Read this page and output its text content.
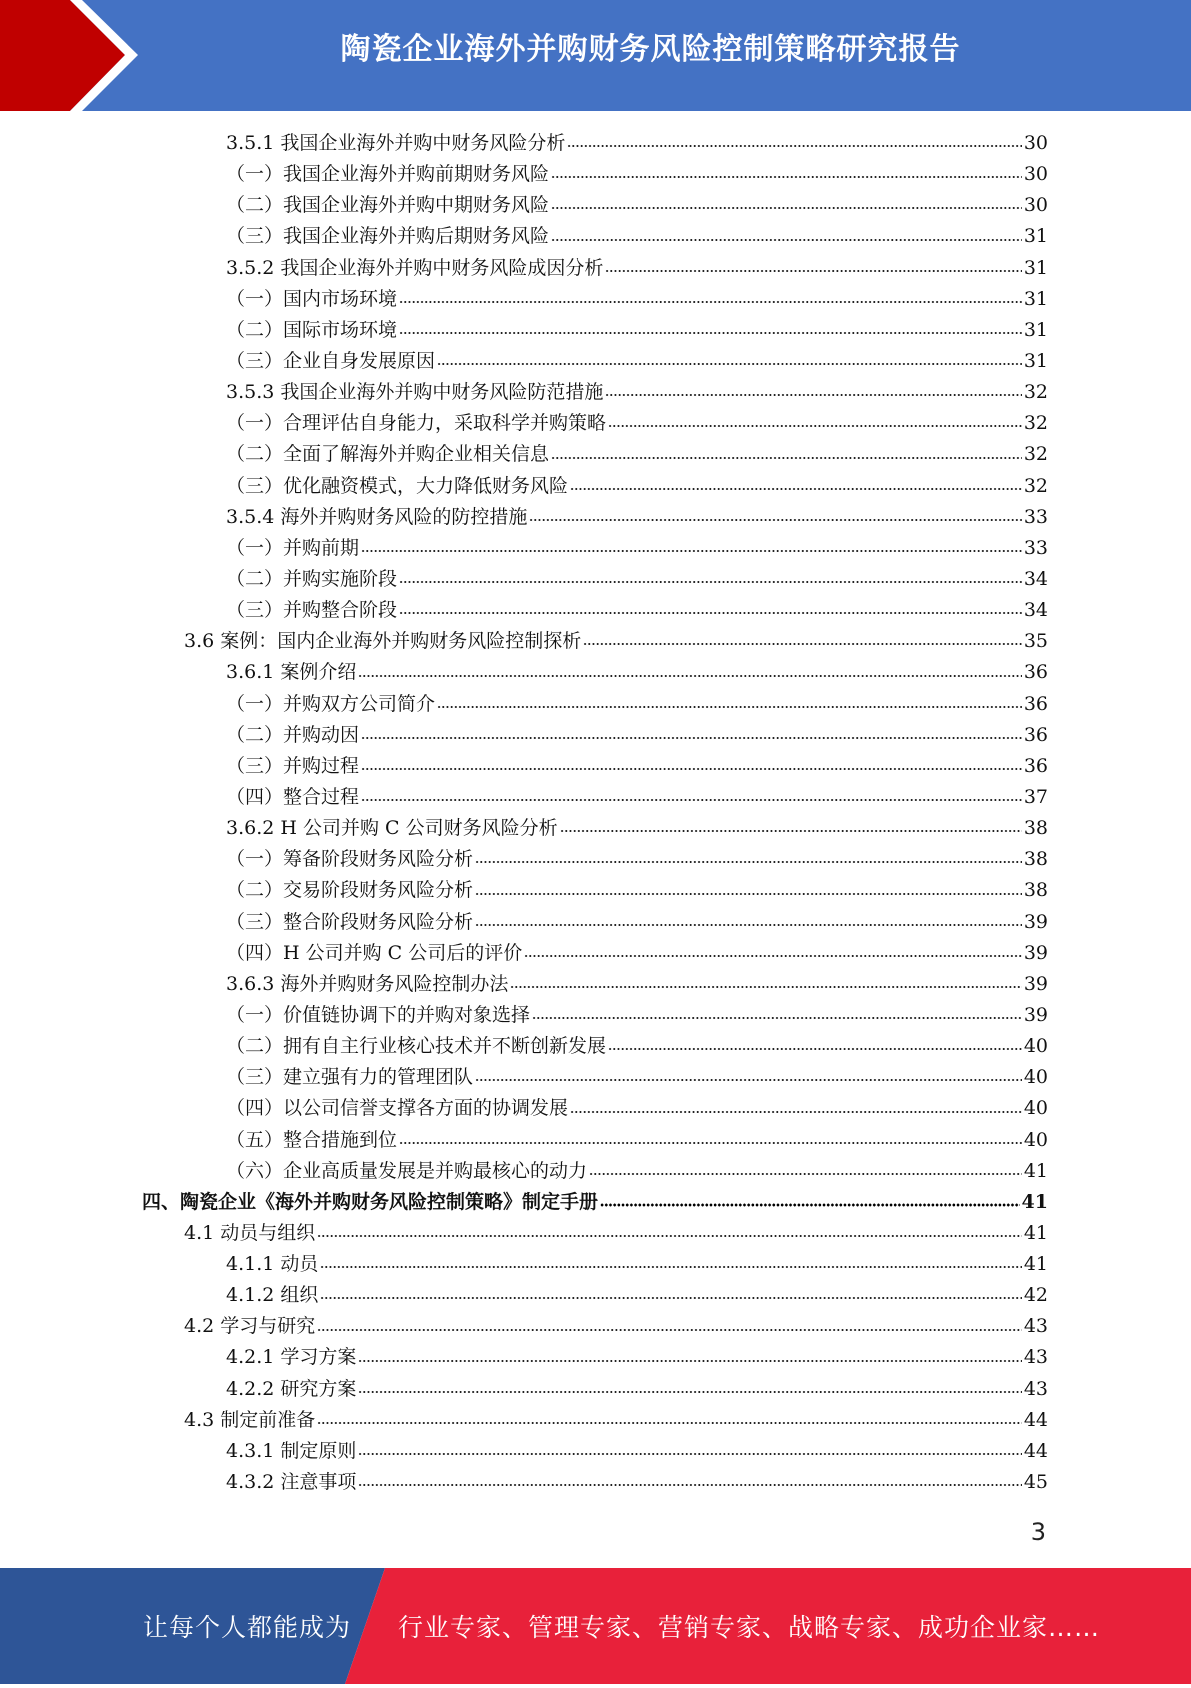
陶瓷企业海外并购财务风险控制策略研究报告
3.5.1 我国企业海外并购中财务风险分析	30
（一）我国企业海外并购前期财务风险	30
（二）我国企业海外并购中期财务风险	30
（三）我国企业海外并购后期财务风险	31
3.5.2 我国企业海外并购中财务风险成因分析	31
（一）国内市场环境	31
（二）国际市场环境	31
（三）企业自身发展原因	31
3.5.3 我国企业海外并购中财务风险防范措施	32
（一）合理评估自身能力，采取科学并购策略	32
（二）全面了解海外并购企业相关信息	32
（三）优化融资模式，大力降低财务风险	32
3.5.4 海外并购财务风险的防控措施	33
（一）并购前期	33
（二）并购实施阶段	34
（三）并购整合阶段	34
3.6 案例：国内企业海外并购财务风险控制探析	35
3.6.1 案例介绍	36
（一）并购双方公司简介	36
（二）并购动因	36
（三）并购过程	36
（四）整合过程	37
3.6.2 H 公司并购 C 公司财务风险分析	38
（一）筹备阶段财务风险分析	38
（二）交易阶段财务风险分析	38
（三）整合阶段财务风险分析	39
（四）H 公司并购 C 公司后的评价	39
3.6.3 海外并购财务风险控制办法	39
（一）价值链协调下的并购对象选择	39
（二）拥有自主行业核心技术并不断创新发展	40
（三）建立强有力的管理团队	40
（四）以公司信誉支撑各方面的协调发展	40
（五）整合措施到位	40
（六）企业高质量发展是并购最核心的动力	41
四、陶瓷企业《海外并购财务风险控制策略》制定手册	41
4.1 动员与组织	41
4.1.1 动员	41
4.1.2 组织	42
4.2 学习与研究	43
4.2.1 学习方案	43
4.2.2 研究方案	43
4.3 制定前准备	44
4.3.1 制定原则	44
4.3.2 注意事项	45
3
让每个人都能成为 行业专家、管理专家、营销专家、战略专家、成功企业家……
